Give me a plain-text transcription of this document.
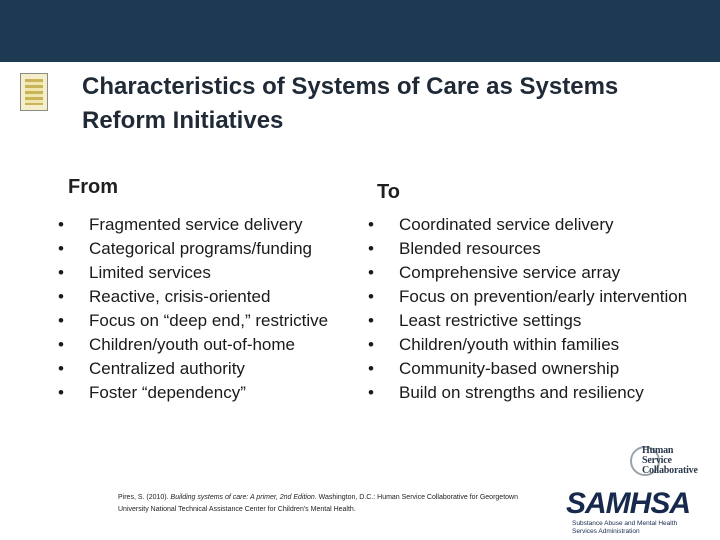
Characteristics of Systems of Care as Systems Reform Initiatives
From	To
• Fragmented service delivery
• Categorical programs/funding
• Limited services
• Reactive, crisis-oriented
• Focus on “deep end,” restrictive
• Children/youth out-of-home
• Centralized authority
• Foster “dependency”
• Coordinated service delivery
• Blended resources
• Comprehensive service array
• Focus on prevention/early intervention
• Least restrictive settings
• Children/youth within families
• Community-based ownership
• Build on strengths and resiliency
Pires, S. (2010). Building systems of care: A primer, 2nd Edition. Washington, D.C.: Human Service Collaborative for Georgetown University National Technical Assistance Center for Children's Mental Health.
Human
Service
Collaborative
SAMHSA
Substance Abuse and Mental Health
Services Administration
